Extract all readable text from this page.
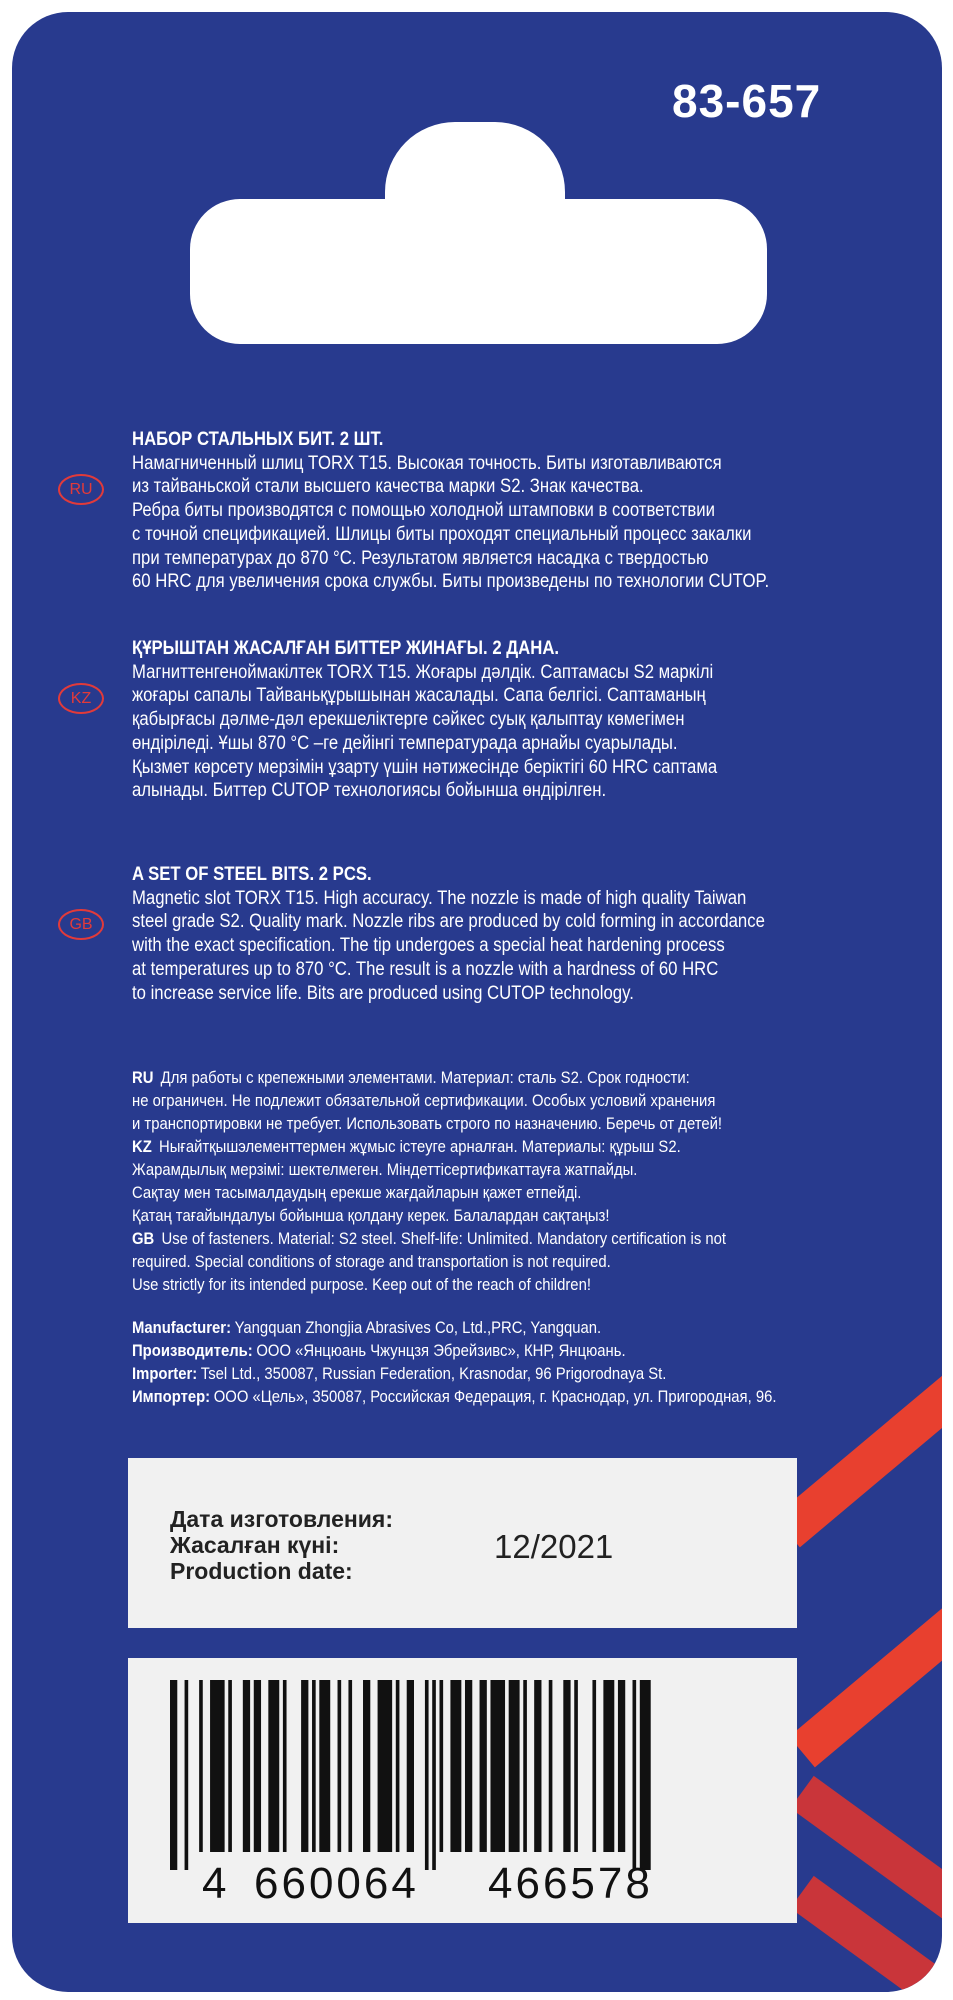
83-657
НАБОР СТАЛЬНЫХ БИТ. 2 ШТ.
Намагниченный шлиц TORX T15. Высокая точность. Биты изготавливаются
из тайваньской стали высшего качества марки S2. Знак качества.
Ребра биты производятся с помощью холодной штамповки в соответствии
с точной спецификацией. Шлицы биты проходят специальный процесс закалки
при температурах до 870 °С. Результатом является насадка с твердостью
60 HRC для увеличения срока службы. Биты произведены по технологии CUTOP.
RU
ҚҰРЫШТАН ЖАСАЛҒАН БИТТЕР ЖИНАҒЫ. 2 ДАНА.
Магниттенгеноймакілтек TORX T15. Жоғары дәлдік. Саптамасы S2 маркілі
жоғары сапалы Тайваньқұрышынан жасалады. Сапа белгісі. Саптаманың
қабырғасы дәлме-дәл ерекшеліктерге сәйкес суық қалыптау көмегімен
өндіріледі. Ұшы 870 °С –ге дейінгі температурада арнайы суарылады.
Қызмет көрсету мерзімін ұзарту үшін нәтижесінде беріктігі 60 HRC саптама
алынады. Биттер CUTOP технологиясы бойынша өндірілген.
KZ
A SET OF STEEL BITS. 2 PCS.
Magnetic slot TORX T15. High accuracy. The nozzle is made of high quality Taiwan
steel grade S2. Quality mark. Nozzle ribs are produced by cold forming in accordance
with the exact specification. The tip undergoes a special heat hardening process
at temperatures up to 870 °C. The result is a nozzle with a hardness of 60 HRC
to increase service life. Bits are produced using CUTOP technology.
GB
RU Для работы с крепежными элементами. Материал: сталь S2. Срок годности:
не ограничен. Не подлежит обязательной сертификации. Особых условий хранения
и транспортировки не требует. Использовать строго по назначению. Беречь от детей!
KZ Нығайтқышэлементтермен жұмыс істеуге арналған. Материалы: құрыш S2.
Жарамдылық мерзімі: шектелмеген. Міндеттісертификаттауға жатпайды.
Сақтау мен тасымалдаудың ерекше жағдайларын қажет етпейді.
Қатаң тағайындалуы бойынша қолдану керек. Балалардан сақтаңыз!
GB Use of fasteners. Material: S2 steel. Shelf-life: Unlimited. Mandatory certification is not
required. Special conditions of storage and transportation is not required.
Use strictly for its intended purpose. Keep out of the reach of children!
Manufacturer: Yangquan Zhongjia Abrasives Co, Ltd.,PRC, Yangquan.
Производитель: ООО «Янцюань Чжунцзя Эбрейзивс», КНР, Янцюань.
Importer: Tsel Ltd., 350087, Russian Federation, Krasnodar, 96 Prigorodnaya St.
Импортер: ООО «Цель», 350087, Российская Федерация, г. Краснодар, ул. Пригородная, 96.
Дата изготовления:
Жасалған күні:
Production date:
12/2021
4 660064 466578
